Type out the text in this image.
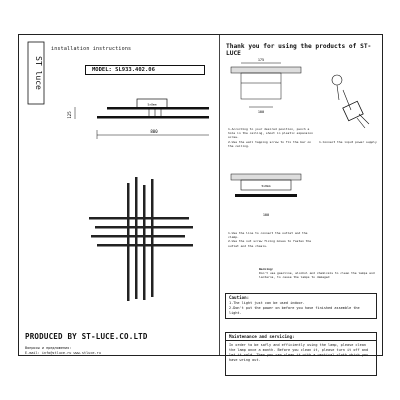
ST luce
installation instructions
MODEL: SL933.402.06
5x8mm
125
800
PRODUCED BY ST-LUCE.CO.LTD
Вопросы и предложения:
E-mail: info@stluce.ru www.stluce.ru
Thank you for using the products of ST-LUCE
175
100
1.According to your desired position, punch a hole in the ceiling, shoot in plastic expansion screw.
2.Use the wall tapping screw to fix the bar on the ceiling.
1.Connect the input power supply
5x8mm
100
1.Use the line to connect the outlet and the clamp.
2.Use the nut screw fixing moves to fasten the outlet and the chasis.
Warning:
Don't use gasoline, alcohol and chemicals to clean the lamps and lanterns, to cause the lamps to damaged
Caution:
1.The light just can be used indoor.
2.Don't put the power on before you have finished assemble the light.
Maintenance and servicing:
In order to be safly and efficiently using the lamp, please clean the lamp once a month. Before you clean it, please turn it off and let it cold. Then you can clean it with a vertical cloth which you have wring out.
